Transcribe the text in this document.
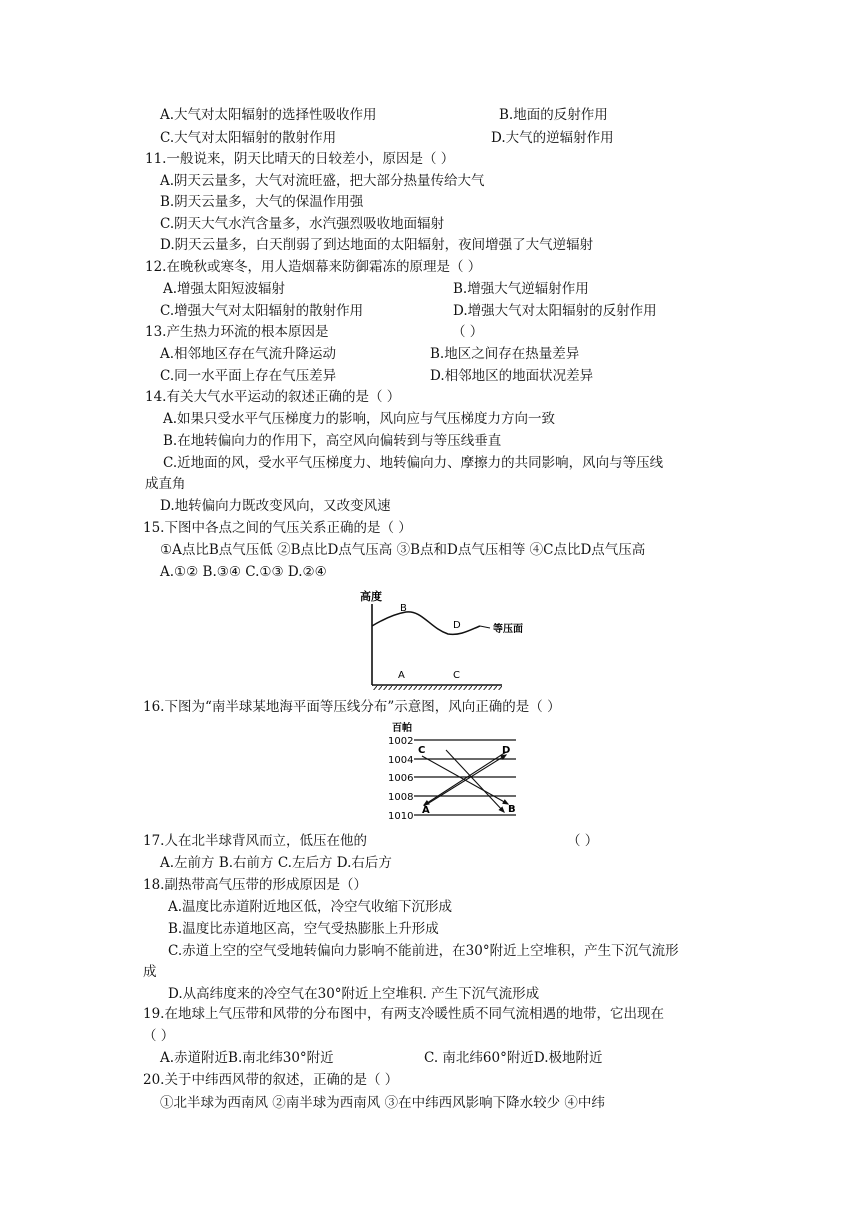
A.大气对太阳辐射的选择性吸收作用	B.地面的反射作用
C.大气对太阳辐射的散射作用	D.大气的逆辐射作用
11.一般说来，阴天比晴天的日较差小，原因是（ ）
A.阴天云量多，大气对流旺盛，把大部分热量传给大气
B.阴天云量多，大气的保温作用强
C.阴天大气水汽含量多，水汽强烈吸收地面辐射
D.阴天云量多，白天削弱了到达地面的太阳辐射，夜间增强了大气逆辐射
12.在晚秋或寒冬，用人造烟幕来防御霜冻的原理是（ ）
A.增强太阳短波辐射	B.增强大气逆辐射作用
C.增强大气对太阳辐射的散射作用	D.增强大气对太阳辐射的反射作用
13.产生热力环流的根本原因是	（ ）
A.相邻地区存在气流升降运动	B.地区之间存在热量差异
C.同一水平面上存在气压差异	D.相邻地区的地面状况差异
14.有关大气水平运动的叙述正确的是（ ）
A.如果只受水平气压梯度力的影响，风向应与气压梯度力方向一致
B.在地转偏向力的作用下，高空风向偏转到与等压线垂直
C.近地面的风，受水平气压梯度力、地转偏向力、摩擦力的共同影响，风向与等压线
成直角
D.地转偏向力既改变风向，又改变风速
15.下图中各点之间的气压关系正确的是（ ）
①A点比B点气压低 ②B点比D点气压高 ③B点和D点气压相等 ④C点比D点气压高
A.①② B.③④ C.①③ D.②④
高度
B
D	等压面
A	C
16.下图为“南半球某地海平面等压线分布”示意图，风向正确的是（ ）
百帕
1002
1004
1006
1008
1010
C	D
A	B
17.人在北半球背风而立，低压在他的	（ ）
A.左前方 B.右前方 C.左后方 D.右后方
18.副热带高气压带的形成原因是（）
A.温度比赤道附近地区低，冷空气收缩下沉形成
B.温度比赤道地区高，空气受热膨胀上升形成
C.赤道上空的空气受地转偏向力影响不能前进，在30°附近上空堆积，产生下沉气流形
成
D.从高纬度来的冷空气在30°附近上空堆积. 产生下沉气流形成
19.在地球上气压带和风带的分布图中，有两支冷暖性质不同气流相遇的地带，它出现在
（ ）
A.赤道附近B.南北纬30°附近	C. 南北纬60°附近D.极地附近
20.关于中纬西风带的叙述，正确的是（ ）
①北半球为西南风 ②南半球为西南风 ③在中纬西风影响下降水较少 ④中纬
